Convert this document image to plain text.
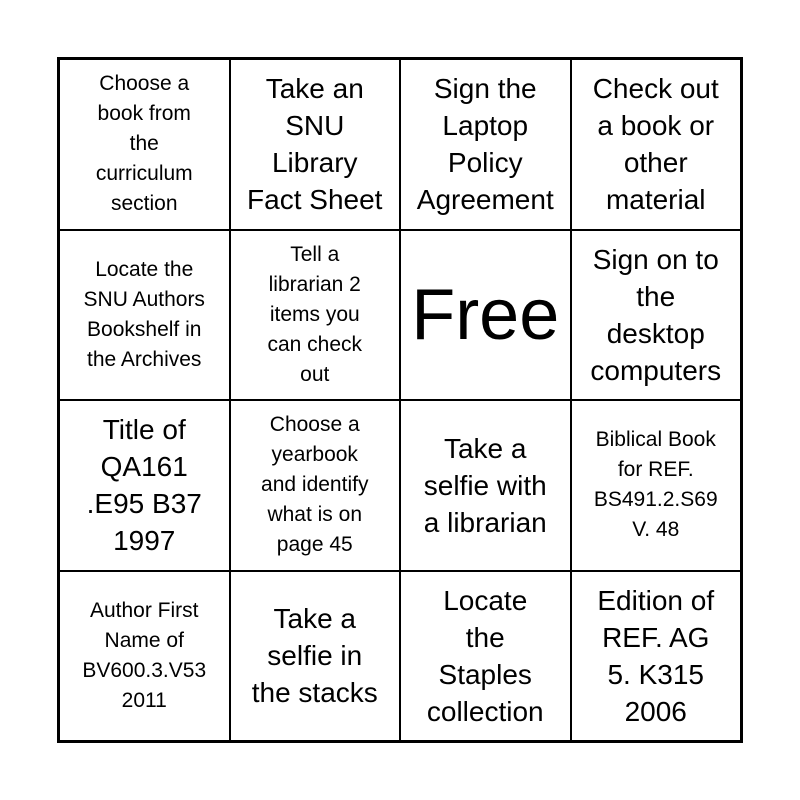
Choose a
book from
the
curriculum
section
Take an
SNU
Library
Fact Sheet
Sign the
Laptop
Policy
Agreement
Check out
a book or
other
material
Locate the
SNU Authors
Bookshelf in
the Archives
Tell a
librarian 2
items you
can check
out
Free
Sign on to
the
desktop
computers
Title of
QA161
.E95 B37
1997
Choose a
yearbook
and identify
what is on
page 45
Take a
selfie with
a librarian
Biblical Book
for REF.
BS491.2.S69
V. 48
Author First
Name of
BV600.3.V53
2011
Take a
selfie in
the stacks
Locate
the
Staples
collection
Edition of
REF. AG
5. K315
2006
